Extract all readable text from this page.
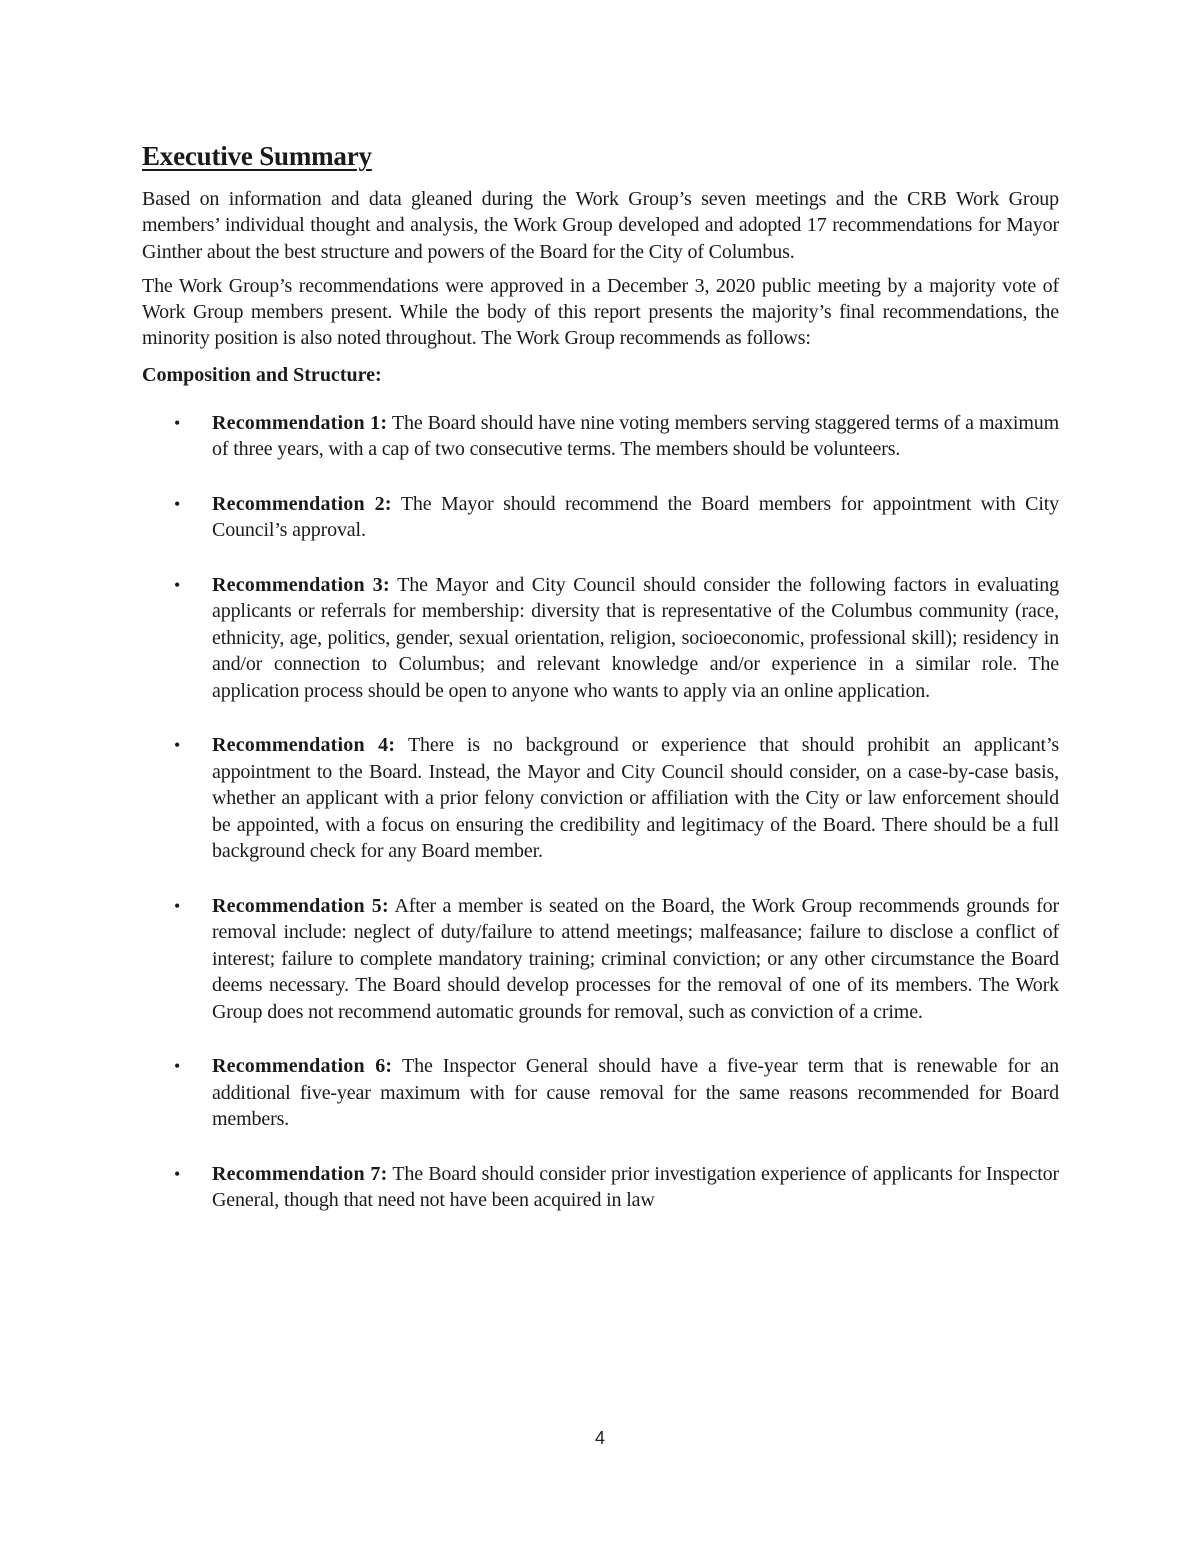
Executive Summary

Based on information and data gleaned during the Work Group’s seven meetings and the CRB Work Group members’ individual thought and analysis, the Work Group developed and adopted 17 recommendations for Mayor Ginther about the best structure and powers of the Board for the City of Columbus.

The Work Group’s recommendations were approved in a December 3, 2020 public meeting by a majority vote of Work Group members present. While the body of this report presents the majority’s final recommendations, the minority position is also noted throughout. The Work Group recommends as follows:

Composition and Structure:
• Recommendation 1: The Board should have nine voting members serving staggered terms of a maximum of three years, with a cap of two consecutive terms. The members should be volunteers.
• Recommendation 2: The Mayor should recommend the Board members for appointment with City Council’s approval.
• Recommendation 3: The Mayor and City Council should consider the following factors in evaluating applicants or referrals for membership: diversity that is representative of the Columbus community (race, ethnicity, age, politics, gender, sexual orientation, religion, socioeconomic, professional skill); residency in and/or connection to Columbus; and relevant knowledge and/or experience in a similar role. The application process should be open to anyone who wants to apply via an online application.
• Recommendation 4: There is no background or experience that should prohibit an applicant’s appointment to the Board. Instead, the Mayor and City Council should consider, on a case-by-case basis, whether an applicant with a prior felony conviction or affiliation with the City or law enforcement should be appointed, with a focus on ensuring the credibility and legitimacy of the Board. There should be a full background check for any Board member.
• Recommendation 5: After a member is seated on the Board, the Work Group recommends grounds for removal include: neglect of duty/failure to attend meetings; malfeasance; failure to disclose a conflict of interest; failure to complete mandatory training; criminal conviction; or any other circumstance the Board deems necessary. The Board should develop processes for the removal of one of its members. The Work Group does not recommend automatic grounds for removal, such as conviction of a crime.
• Recommendation 6: The Inspector General should have a five-year term that is renewable for an additional five-year maximum with for cause removal for the same reasons recommended for Board members.
• Recommendation 7: The Board should consider prior investigation experience of applicants for Inspector General, though that need not have been acquired in law
4
